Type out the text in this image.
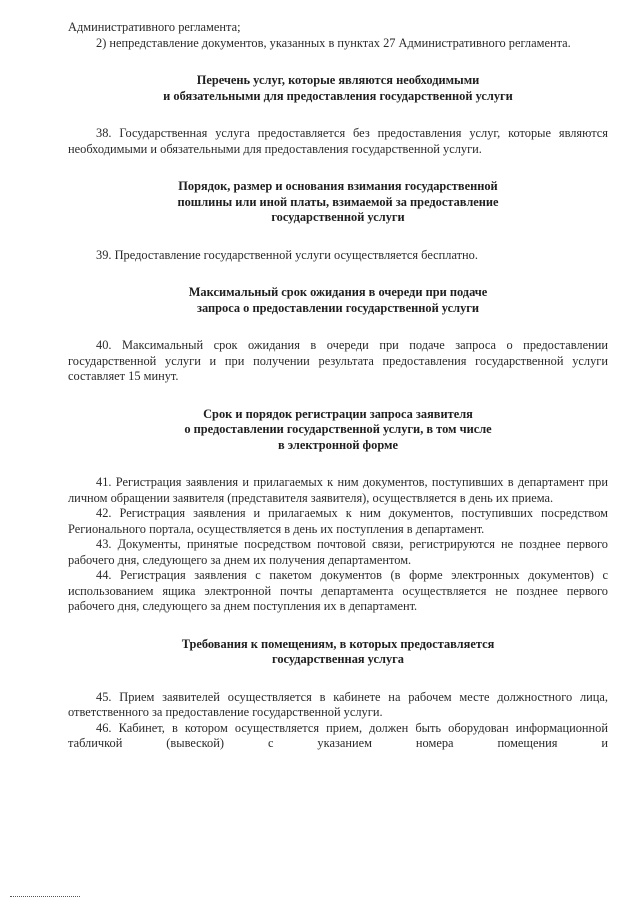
Административного регламента;

2) непредставление документов, указанных в пунктах 27 Административного регламента.

Перечень услуг, которые являются необходимыми
и обязательными для предоставления государственной услуги

38. Государственная услуга предоставляется без предоставления услуг, которые являются необходимыми и обязательными для предоставления государственной услуги.

Порядок, размер и основания взимания государственной
пошлины или иной платы, взимаемой за предоставление
государственной услуги

39. Предоставление государственной услуги осуществляется бесплатно.

Максимальный срок ожидания в очереди при подаче
запроса о предоставлении государственной услуги

40. Максимальный срок ожидания в очереди при подаче запроса о предоставлении государственной услуги и при получении результата предоставления государственной услуги составляет 15 минут.

Срок и порядок регистрации запроса заявителя
о предоставлении государственной услуги, в том числе
в электронной форме

41. Регистрация заявления и прилагаемых к ним документов, поступивших в департамент при личном обращении заявителя (представителя заявителя), осуществляется в день их приема.

42. Регистрация заявления и прилагаемых к ним документов, поступивших посредством Регионального портала, осуществляется в день их поступления в департамент.

43. Документы, принятые посредством почтовой связи, регистрируются не позднее первого рабочего дня, следующего за днем их получения департаментом.

44. Регистрация заявления с пакетом документов (в форме электронных документов) с использованием ящика электронной почты департамента осуществляется не позднее первого рабочего дня, следующего за днем поступления их в департамент.

Требования к помещениям, в которых предоставляется
государственная услуга

45. Прием заявителей осуществляется в кабинете на рабочем месте должностного лица, ответственного за предоставление государственной услуги.

46. Кабинет, в котором осуществляется прием, должен быть оборудован информационной табличкой (вывеской) с указанием номера помещения и
